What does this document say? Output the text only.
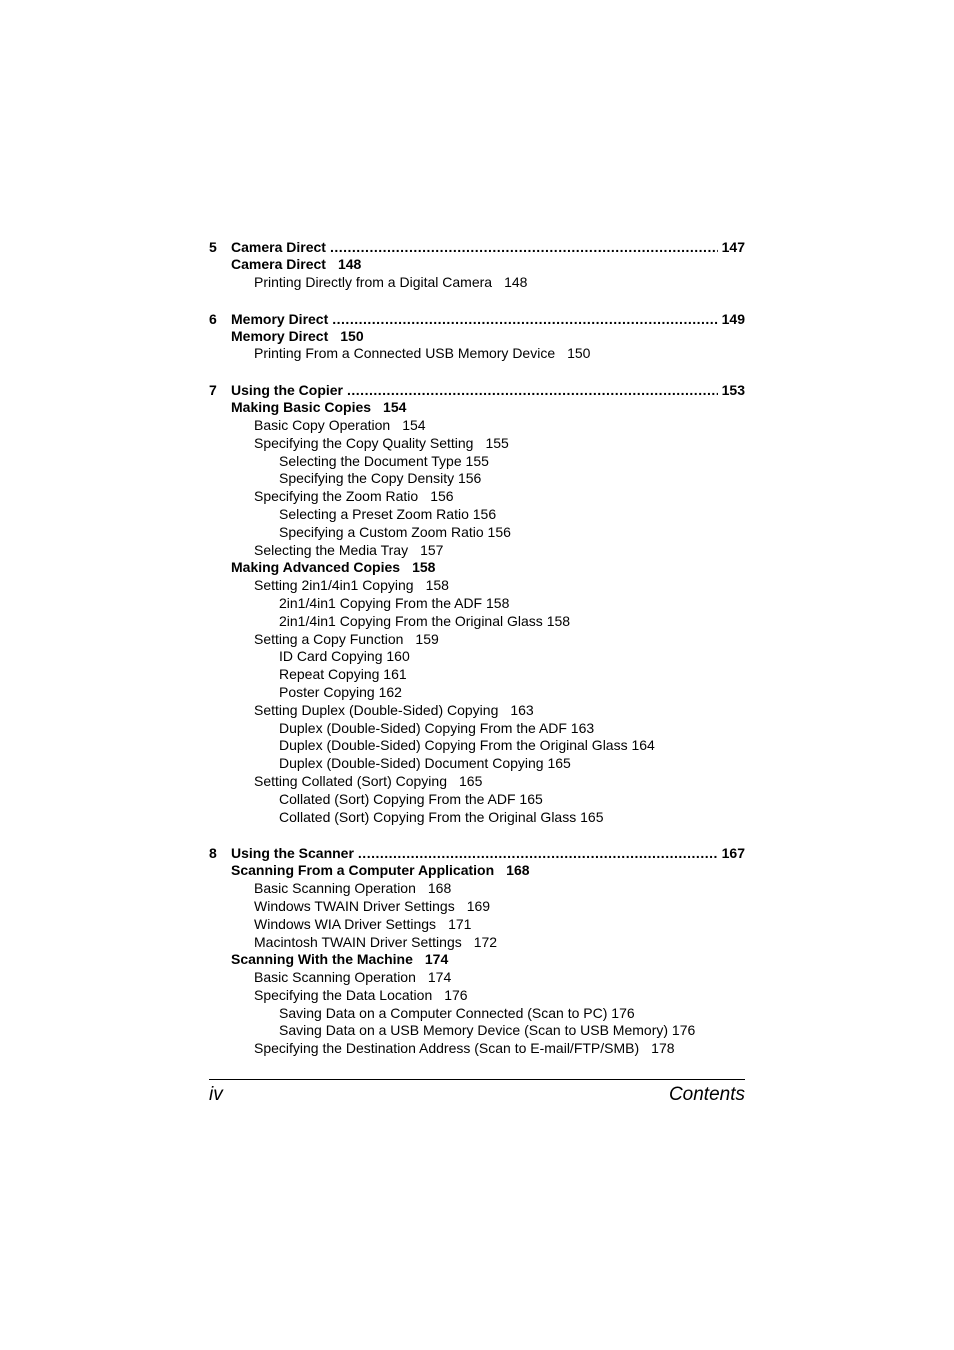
5 Camera Direct .....	147
Camera Direct 148
Printing Directly from a Digital Camera 148
6 Memory Direct .....	149
Memory Direct 150
Printing From a Connected USB Memory Device 150
7 Using the Copier .....	153
Making Basic Copies 154
Basic Copy Operation 154
Specifying the Copy Quality Setting 155
Selecting the Document Type 155
Specifying the Copy Density 156
Specifying the Zoom Ratio 156
Selecting a Preset Zoom Ratio 156
Specifying a Custom Zoom Ratio 156
Selecting the Media Tray 157
Making Advanced Copies 158
Setting 2in1/4in1 Copying 158
2in1/4in1 Copying From the ADF 158
2in1/4in1 Copying From the Original Glass 158
Setting a Copy Function 159
ID Card Copying 160
Repeat Copying 161
Poster Copying 162
Setting Duplex (Double-Sided) Copying 163
Duplex (Double-Sided) Copying From the ADF 163
Duplex (Double-Sided) Copying From the Original Glass 164
Duplex (Double-Sided) Document Copying 165
Setting Collated (Sort) Copying 165
Collated (Sort) Copying From the ADF 165
Collated (Sort) Copying From the Original Glass 165
8 Using the Scanner .....	167
Scanning From a Computer Application 168
Basic Scanning Operation 168
Windows TWAIN Driver Settings 169
Windows WIA Driver Settings 171
Macintosh TWAIN Driver Settings 172
Scanning With the Machine 174
Basic Scanning Operation 174
Specifying the Data Location 176
Saving Data on a Computer Connected (Scan to PC) 176
Saving Data on a USB Memory Device (Scan to USB Memory) 176
Specifying the Destination Address (Scan to E-mail/FTP/SMB) 178
iv	Contents
